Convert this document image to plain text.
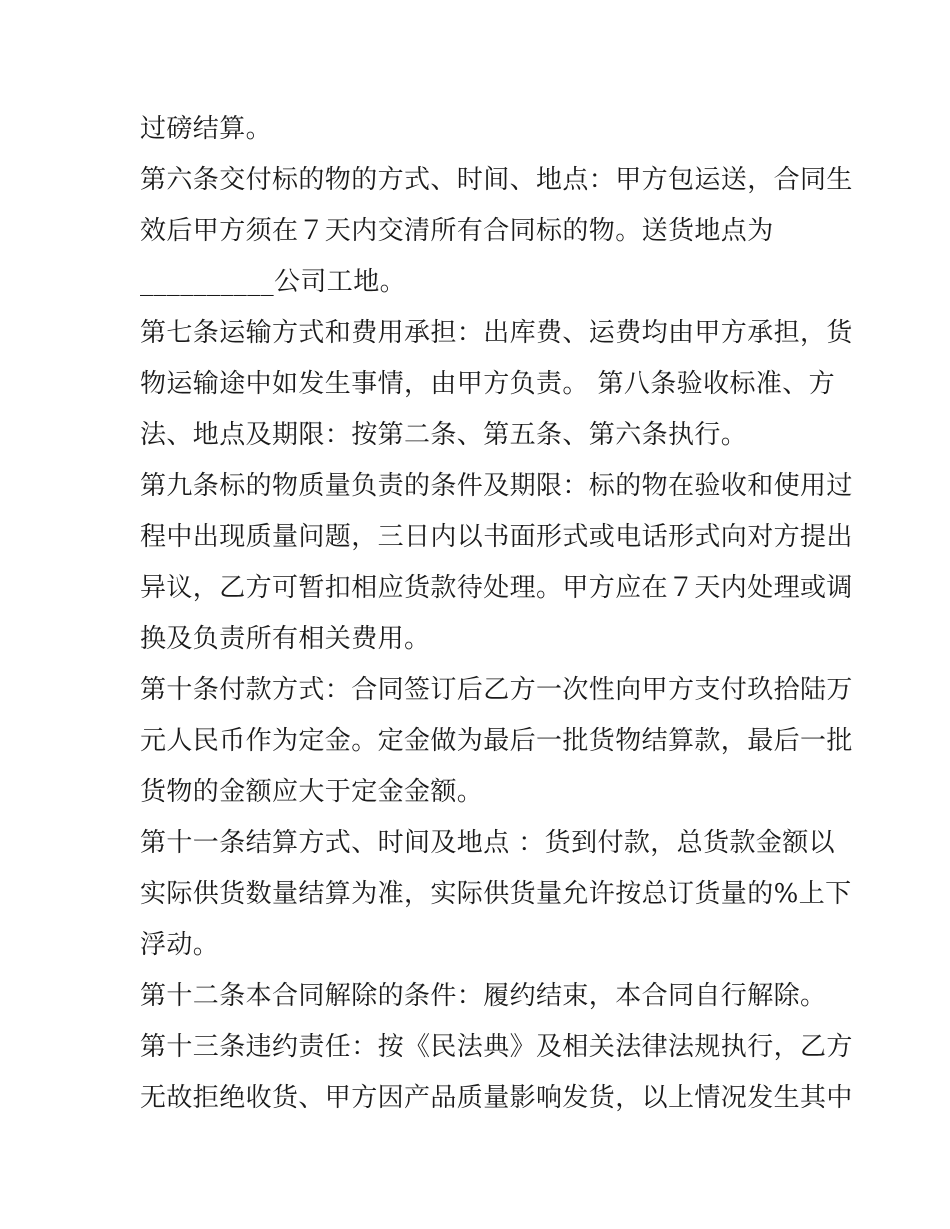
过磅结算。
第六条交付标的物的方式、时间、地点：甲方包运送，合同生
效后甲方须在７天内交清所有合同标的物。送货地点为
__________公司工地。
第七条运输方式和费用承担：出库费、运费均由甲方承担，货
物运输途中如发生事情，由甲方负责。 第八条验收标准、方
法、地点及期限：按第二条、第五条、第六条执行。
第九条标的物质量负责的条件及期限：标的物在验收和使用过
程中出现质量问题，三日内以书面形式或电话形式向对方提出
异议，乙方可暂扣相应货款待处理。甲方应在７天内处理或调
换及负责所有相关费用。
第十条付款方式：合同签订后乙方一次性向甲方支付玖拾陆万
元人民币作为定金。定金做为最后一批货物结算款，最后一批
货物的金额应大于定金金额。
第十一条结算方式、时间及地点 ：货到付款，总货款金额以
实际供货数量结算为准，实际供货量允许按总订货量的%上下
浮动。
第十二条本合同解除的条件：履约结束，本合同自行解除。
第十三条违约责任：按《民法典》及相关法律法规执行，乙方
无故拒绝收货、甲方因产品质量影响发货，以上情况发生其中
